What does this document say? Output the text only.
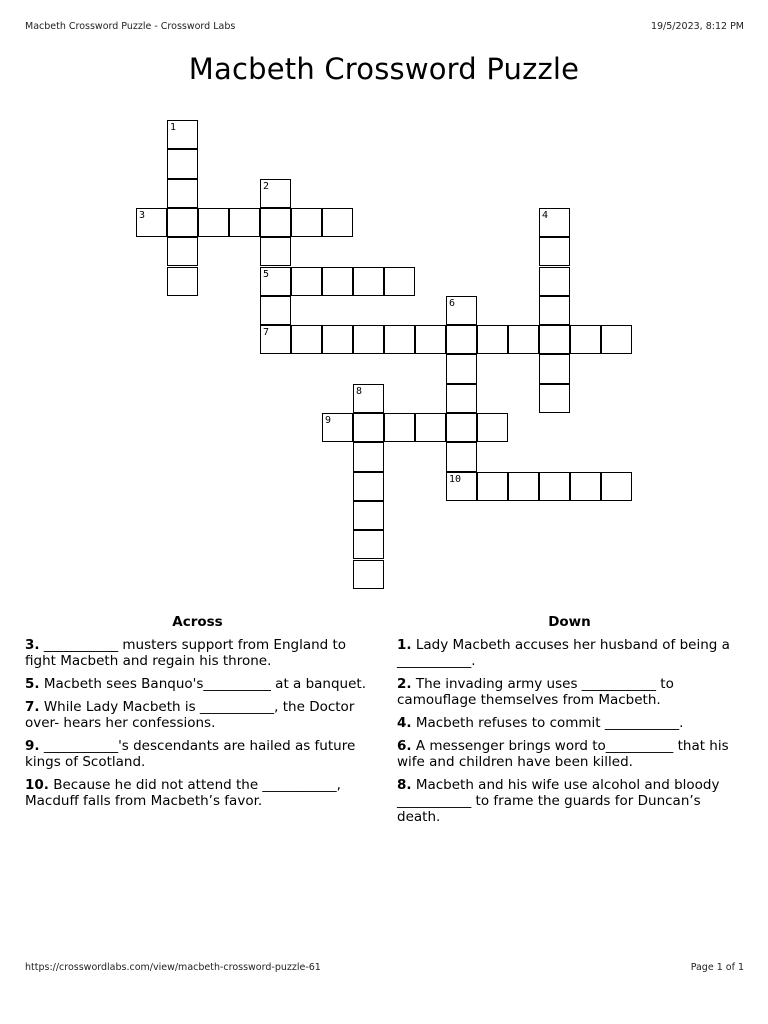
Macbeth Crossword Puzzle - Crossword Labs	19/5/2023, 8:12 PM
Macbeth Crossword Puzzle
1
2
5
7
3	4
6
10
8
9
Across
3. ___________ musters support from England to fight Macbeth and regain his throne.
5. Macbeth sees Banquo's__________ at a banquet.
7. While Lady Macbeth is ___________, the Doctor over- hears her confessions.
9. ___________'s descendants are hailed as future kings of Scotland.
10. Because he did not attend the ___________, Macduff falls from Macbeth’s favor.
Down
1. Lady Macbeth accuses her husband of being a ___________.
2. The invading army uses ___________ to camouflage themselves from Macbeth.
4. Macbeth refuses to commit ___________.
6. A messenger brings word to__________ that his wife and children have been killed.
8. Macbeth and his wife use alcohol and bloody ___________ to frame the guards for Duncan’s death.
https://crosswordlabs.com/view/macbeth-crossword-puzzle-61	Page 1 of 1
